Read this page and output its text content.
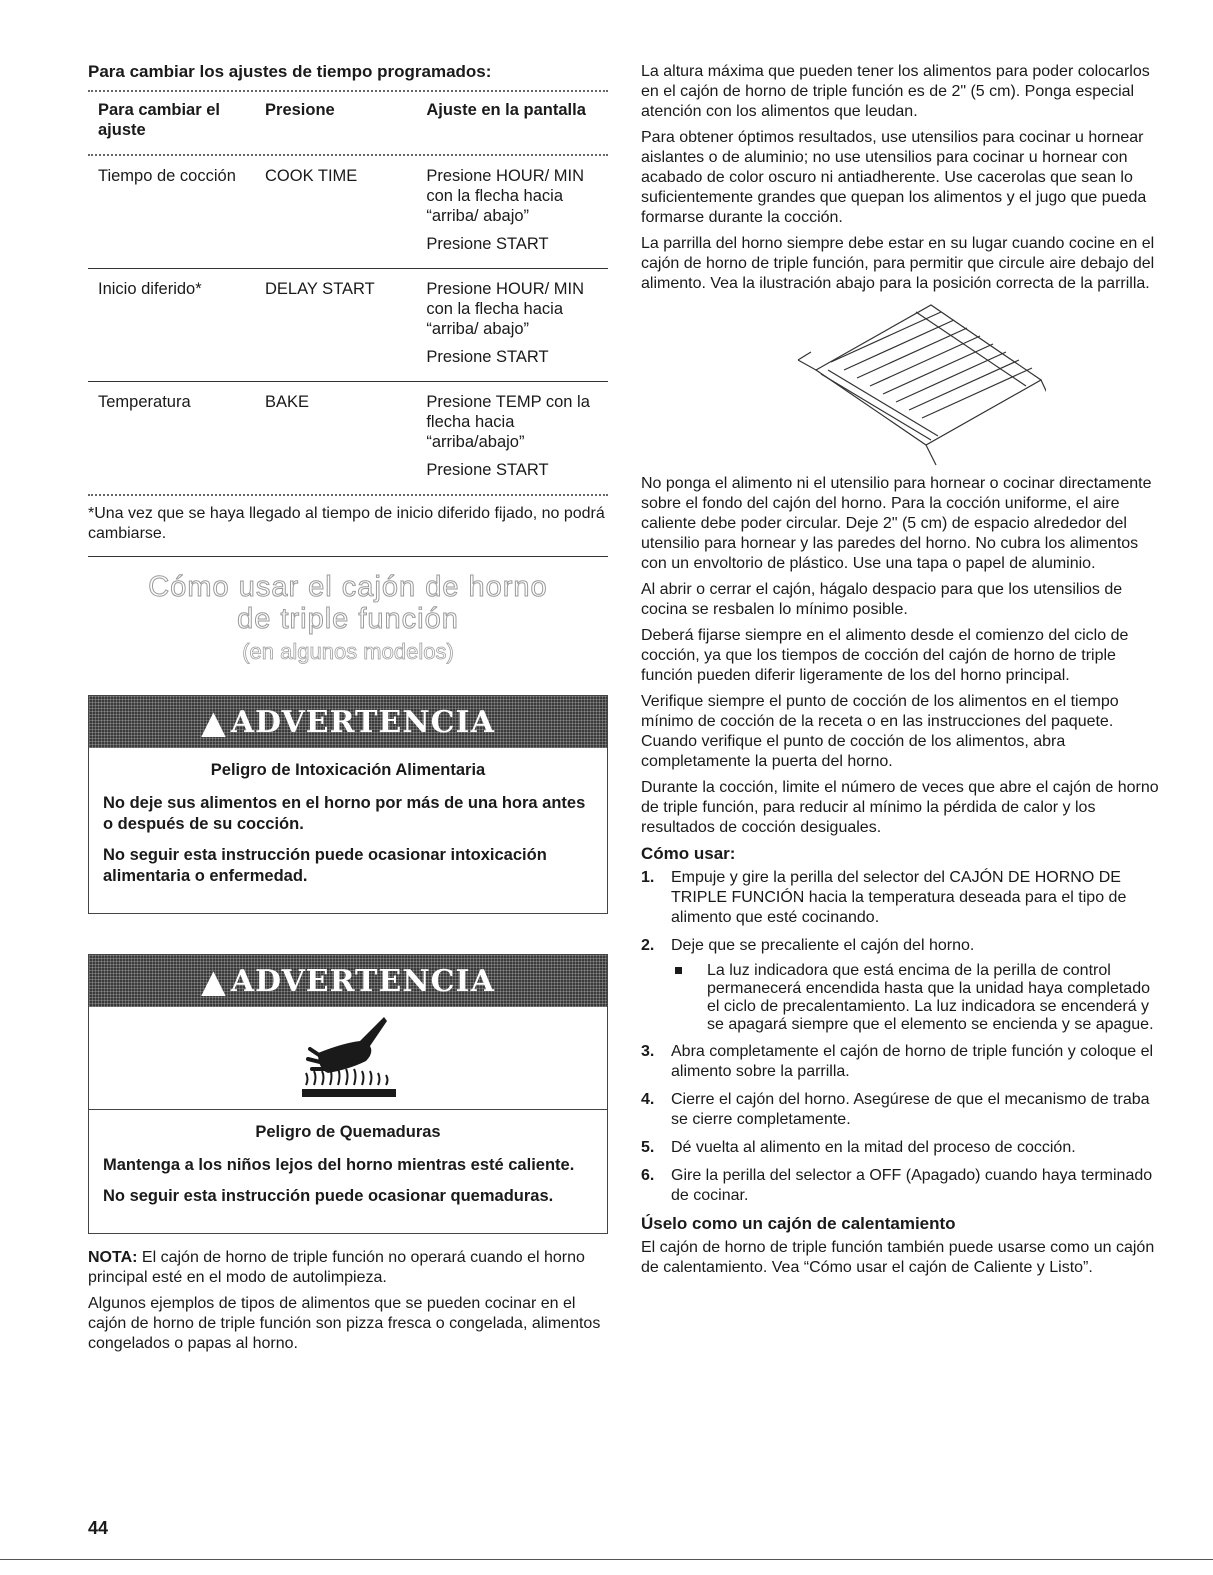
Para cambiar los ajustes de tiempo programados:
Para cambiar el ajuste	Presione	Ajuste en la pantalla

Tiempo de cocción	COOK TIME	Presione HOUR/ MIN con la flecha hacia “arriba/ abajo”

Presione START

Inicio diferido*	DELAY START	Presione HOUR/ MIN con la flecha hacia “arriba/ abajo”

Presione START

Temperatura	BAKE	Presione TEMP con la flecha hacia “arriba/abajo”

Presione START

*Una vez que se haya llegado al tiempo de inicio diferido fijado, no podrá cambiarse.
Cómo usar el cajón de horno
de triple función
(en algunos modelos)
▲ ADVERTENCIA
Peligro de Intoxicación Alimentaria

No deje sus alimentos en el horno por más de una hora antes o después de su cocción.

No seguir esta instrucción puede ocasionar intoxicación alimentaria o enfermedad.

▲ ADVERTENCIA
Peligro de Quemaduras

Mantenga a los niños lejos del horno mientras esté caliente.

No seguir esta instrucción puede ocasionar quemaduras.

NOTA: El cajón de horno de triple función no operará cuando el horno principal esté en el modo de autolimpieza.

Algunos ejemplos de tipos de alimentos que se pueden cocinar en el cajón de horno de triple función son pizza fresca o congelada, alimentos congelados o papas al horno.

La altura máxima que pueden tener los alimentos para poder colocarlos en el cajón de horno de triple función es de 2" (5 cm). Ponga especial atención con los alimentos que leudan.

Para obtener óptimos resultados, use utensilios para cocinar u hornear aislantes o de aluminio; no use utensilios para cocinar u hornear con acabado de color oscuro ni antiadherente. Use cacerolas que sean lo suficientemente grandes que quepan los alimentos y el jugo que pueda formarse durante la cocción.

La parrilla del horno siempre debe estar en su lugar cuando cocine en el cajón de horno de triple función, para permitir que circule aire debajo del alimento. Vea la ilustración abajo para la posición correcta de la parrilla.

No ponga el alimento ni el utensilio para hornear o cocinar directamente sobre el fondo del cajón del horno. Para la cocción uniforme, el aire caliente debe poder circular. Deje 2" (5 cm) de espacio alrededor del utensilio para hornear y las paredes del horno. No cubra los alimentos con un envoltorio de plástico. Use una tapa o papel de aluminio.

Al abrir o cerrar el cajón, hágalo despacio para que los utensilios de cocina se resbalen lo mínimo posible.

Deberá fijarse siempre en el alimento desde el comienzo del ciclo de cocción, ya que los tiempos de cocción del cajón de horno de triple función pueden diferir ligeramente de los del horno principal.

Verifique siempre el punto de cocción de los alimentos en el tiempo mínimo de cocción de la receta o en las instrucciones del paquete. Cuando verifique el punto de cocción de los alimentos, abra completamente la puerta del horno.

Durante la cocción, limite el número de veces que abre el cajón de horno de triple función, para reducir al mínimo la pérdida de calor y los resultados de cocción desiguales.

Cómo usar:
1. Empuje y gire la perilla del selector del CAJÓN DE HORNO DE TRIPLE FUNCIÓN hacia la temperatura deseada para el tipo de alimento que esté cocinando.
2. Deje que se precaliente el cajón del horno.
La luz indicadora que está encima de la perilla de control permanecerá encendida hasta que la unidad haya completado el ciclo de precalentamiento. La luz indicadora se encenderá y se apagará siempre que el elemento se encienda y se apague.
3. Abra completamente el cajón de horno de triple función y coloque el alimento sobre la parrilla.
4. Cierre el cajón del horno. Asegúrese de que el mecanismo de traba se cierre completamente.
5. Dé vuelta al alimento en la mitad del proceso de cocción.
6. Gire la perilla del selector a OFF (Apagado) cuando haya terminado de cocinar.
Úselo como un cajón de calentamiento

El cajón de horno de triple función también puede usarse como un cajón de calentamiento. Vea “Cómo usar el cajón de Caliente y Listo”.

44
